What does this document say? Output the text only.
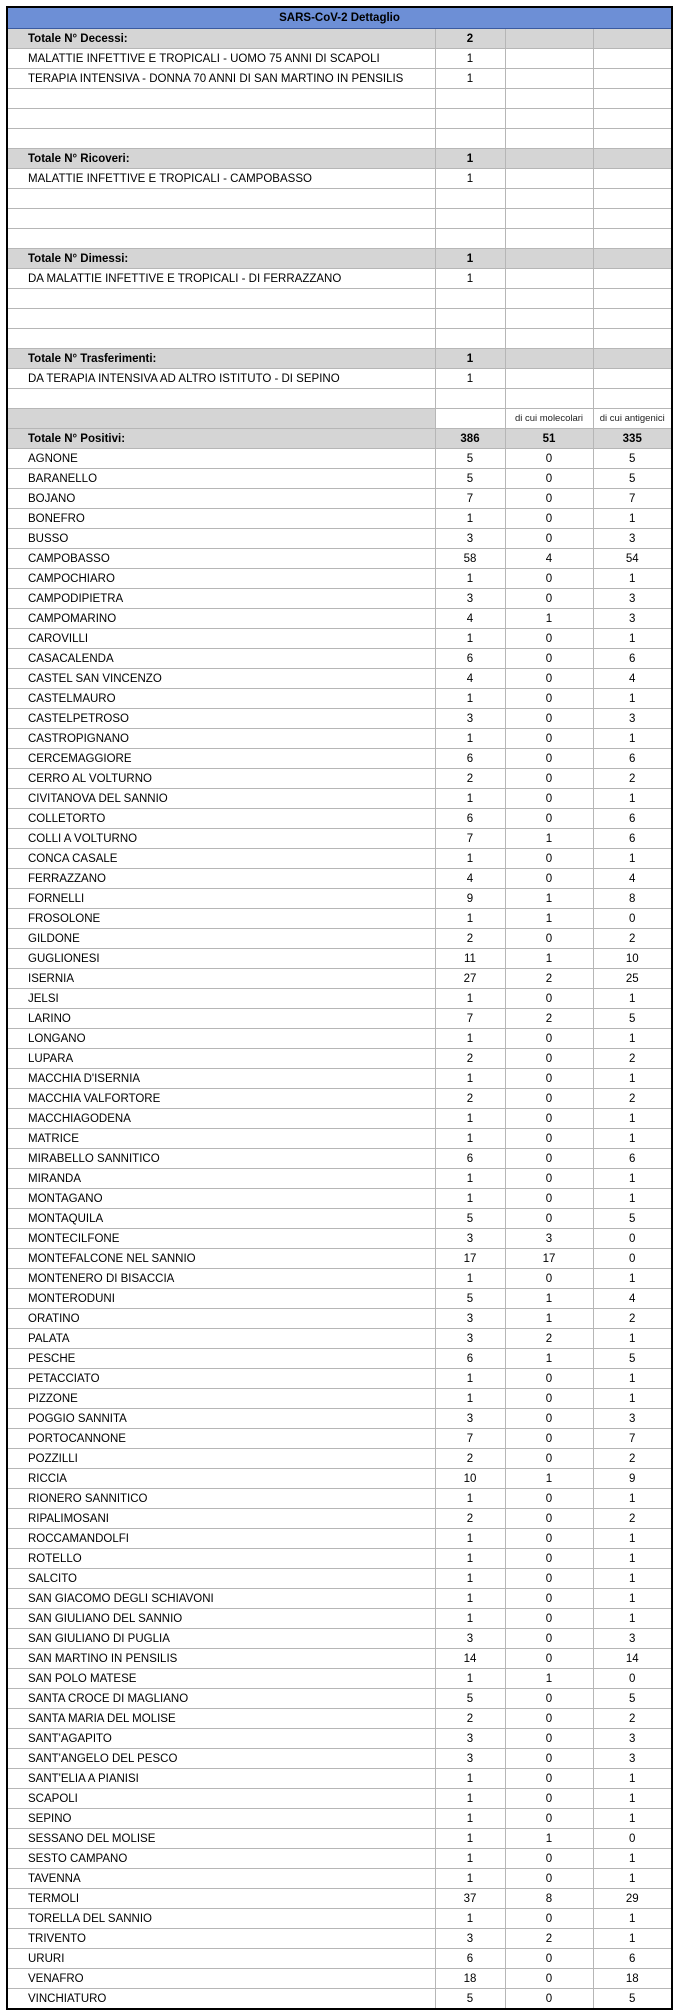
SARS-CoV-2 Dettaglio			
Totale N° Decessi:	2		
MALATTIE INFETTIVE E TROPICALI - UOMO 75 ANNI DI SCAPOLI	1		
TERAPIA INTENSIVA - DONNA 70 ANNI DI SAN MARTINO IN PENSILIS	1		

Totale N° Ricoveri:	1		
MALATTIE INFETTIVE E TROPICALI - CAMPOBASSO	1		

Totale N° Dimessi:	1		
DA MALATTIE INFETTIVE E TROPICALI - DI FERRAZZANO	1		

Totale N° Trasferimenti:	1		
DA TERAPIA INTENSIVA AD ALTRO ISTITUTO - DI SEPINO	1		

		di cui molecolari	di cui antigenici
Totale N° Positivi:	386	51	335
AGNONE	5	0	5
BARANELLO	5	0	5
BOJANO	7	0	7
BONEFRO	1	0	1
BUSSO	3	0	3
CAMPOBASSO	58	4	54
CAMPOCHIARO	1	0	1
CAMPODIPIETRA	3	0	3
CAMPOMARINO	4	1	3
CAROVILLI	1	0	1
CASACALENDA	6	0	6
CASTEL SAN VINCENZO	4	0	4
CASTELMAURO	1	0	1
CASTELPETROSO	3	0	3
CASTROPIGNANO	1	0	1
CERCEMAGGIORE	6	0	6
CERRO AL VOLTURNO	2	0	2
CIVITANOVA DEL SANNIO	1	0	1
COLLETORTO	6	0	6
COLLI A VOLTURNO	7	1	6
CONCA CASALE	1	0	1
FERRAZZANO	4	0	4
FORNELLI	9	1	8
FROSOLONE	1	1	0
GILDONE	2	0	2
GUGLIONESI	11	1	10
ISERNIA	27	2	25
JELSI	1	0	1
LARINO	7	2	5
LONGANO	1	0	1
LUPARA	2	0	2
MACCHIA D'ISERNIA	1	0	1
MACCHIA VALFORTORE	2	0	2
MACCHIAGODENA	1	0	1
MATRICE	1	0	1
MIRABELLO SANNITICO	6	0	6
MIRANDA	1	0	1
MONTAGANO	1	0	1
MONTAQUILA	5	0	5
MONTECILFONE	3	3	0
MONTEFALCONE NEL SANNIO	17	17	0
MONTENERO DI BISACCIA	1	0	1
MONTERODUNI	5	1	4
ORATINO	3	1	2
PALATA	3	2	1
PESCHE	6	1	5
PETACCIATO	1	0	1
PIZZONE	1	0	1
POGGIO SANNITA	3	0	3
PORTOCANNONE	7	0	7
POZZILLI	2	0	2
RICCIA	10	1	9
RIONERO SANNITICO	1	0	1
RIPALIMOSANI	2	0	2
ROCCAMANDOLFI	1	0	1
ROTELLO	1	0	1
SALCITO	1	0	1
SAN GIACOMO DEGLI SCHIAVONI	1	0	1
SAN GIULIANO DEL SANNIO	1	0	1
SAN GIULIANO DI PUGLIA	3	0	3
SAN MARTINO IN PENSILIS	14	0	14
SAN POLO MATESE	1	1	0
SANTA CROCE DI MAGLIANO	5	0	5
SANTA MARIA DEL MOLISE	2	0	2
SANT'AGAPITO	3	0	3
SANT'ANGELO DEL PESCO	3	0	3
SANT'ELIA A PIANISI	1	0	1
SCAPOLI	1	0	1
SEPINO	1	0	1
SESSANO DEL MOLISE	1	1	0
SESTO CAMPANO	1	0	1
TAVENNA	1	0	1
TERMOLI	37	8	29
TORELLA DEL SANNIO	1	0	1
TRIVENTO	3	2	1
URURI	6	0	6
VENAFRO	18	0	18
VINCHIATURO	5	0	5
